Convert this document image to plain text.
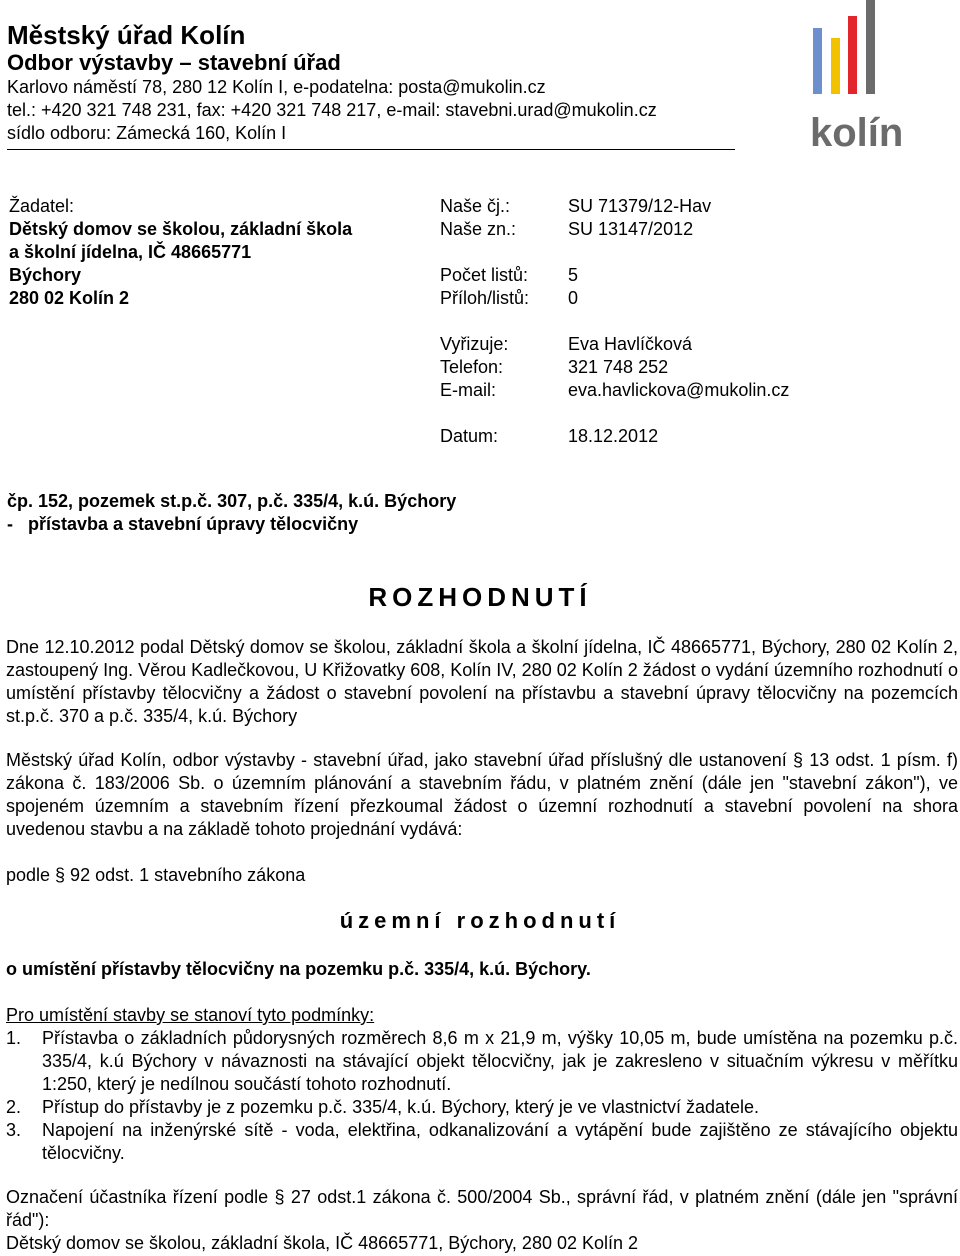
Městský úřad Kolín
Odbor výstavby – stavební úřad
Karlovo náměstí 78, 280 12 Kolín I, e-podatelna: posta@mukolin.cz
tel.: +420 321 748 231, fax: +420 321 748 217, e-mail: stavebni.urad@mukolin.cz
sídlo odboru: Zámecká 160, Kolín I	kolín
Žadatel:
Dětský domov se školou, základní škola
a školní jídelna, IČ 48665771
Býchory
280 02 Kolín 2
Naše čj.:	SU 71379/12-Hav
Naše zn.:	SU 13147/2012
Počet listů: 5
Příloh/listů: 0
Vyřizuje:	Eva Havlíčková
Telefon:	321 748 252
E-mail:	eva.havlickova@mukolin.cz
Datum:	18.12.2012
čp. 152, pozemek st.p.č. 307, p.č. 335/4, k.ú. Býchory
-   přístavba a stavební úpravy tělocvičny
ROZHODNUTÍ
Dne 12.10.2012 podal Dětský domov se školou, základní škola a školní jídelna, IČ 48665771, Býchory, 280 02 Kolín 2, zastoupený Ing. Věrou Kadlečkovou, U Křižovatky 608, Kolín IV, 280 02 Kolín 2 žádost o vydání územního rozhodnutí o umístění přístavby tělocvičny a žádost o stavební povolení na přístavbu a stavební úpravy tělocvičny na pozemcích st.p.č. 370 a p.č. 335/4, k.ú. Býchory
Městský úřad Kolín, odbor výstavby - stavební úřad, jako stavební úřad příslušný dle ustanovení § 13 odst. 1 písm. f) zákona č. 183/2006 Sb. o územním plánování a stavebním řádu, v platném znění (dále jen "stavební zákon"), ve spojeném územním a stavebním řízení přezkoumal žádost o územní rozhodnutí a stavební povolení na shora uvedenou stavbu a na základě tohoto projednání vydává:
podle § 92 odst. 1 stavebního zákona
územní rozhodnutí
o umístění přístavby tělocvičny na pozemku p.č. 335/4, k.ú. Býchory.
Pro umístění stavby se stanoví tyto podmínky:
1. Přístavba o základních půdorysných rozměrech 8,6 m x 21,9 m, výšky 10,05 m, bude umístěna na pozemku p.č. 335/4, k.ú Býchory v návaznosti na stávající objekt tělocvičny, jak je zakresleno v situačním výkresu v měřítku 1:250, který je nedílnou součástí tohoto rozhodnutí.
2. Přístup do přístavby je z pozemku p.č. 335/4, k.ú. Býchory, který je ve vlastnictví žadatele.
3. Napojení na inženýrské sítě - voda, elektřina, odkanalizování a vytápění bude zajištěno ze stávajícího objektu tělocvičny.
Označení účastníka řízení podle § 27 odst.1 zákona č. 500/2004 Sb., správní řád, v platném znění (dále jen "správní řád"):
Dětský domov se školou, základní škola, IČ 48665771, Býchory, 280 02 Kolín 2
